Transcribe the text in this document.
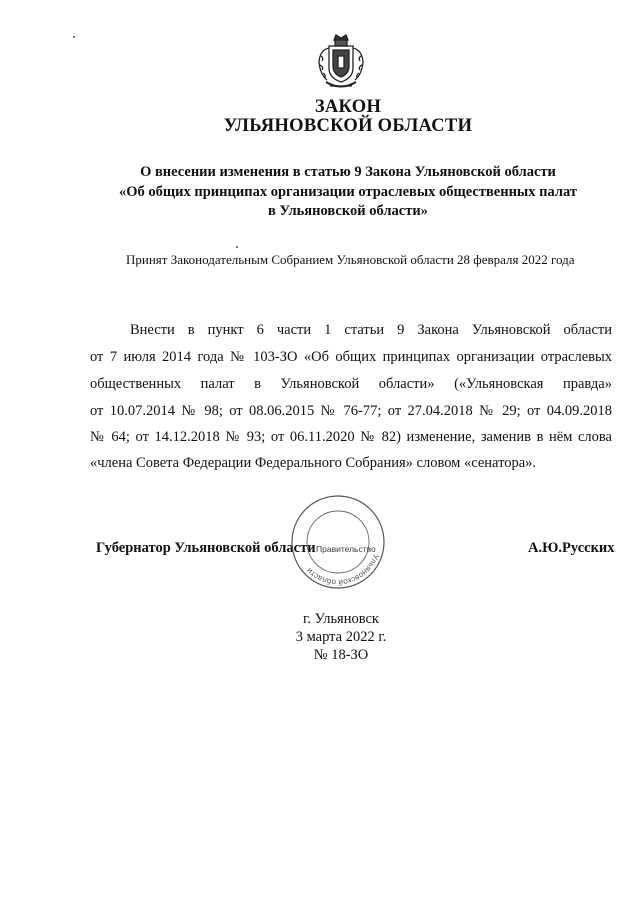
ЗАКОН
УЛЬЯНОВСКОЙ ОБЛАСТИ
О внесении изменения в статью 9 Закона Ульяновской области
«Об общих принципах организации отраслевых общественных палат
в Ульяновской области»
Принят Законодательным Собранием Ульяновской области 28 февраля 2022 года
Внести в пункт 6 части 1 статьи 9 Закона Ульяновской области
от 7 июля 2014 года № 103-ЗО «Об общих принципах организации отраслевых
общественных палат в Ульяновской области» («Ульяновская правда»
от 10.07.2014 № 98; от 08.06.2015 № 76-77; от 27.04.2018 № 29; от 04.09.2018
№ 64; от 14.12.2018 № 93; от 06.11.2020 № 82) изменение, заменив в нём слова
«члена Совета Федерации Федерального Собрания» словом «сенатора».
Губернатор Ульяновской области
Ульяновской области
Правительство	А.Ю.Русских
г. Ульяновск
3 марта 2022 г.
№ 18-ЗО
